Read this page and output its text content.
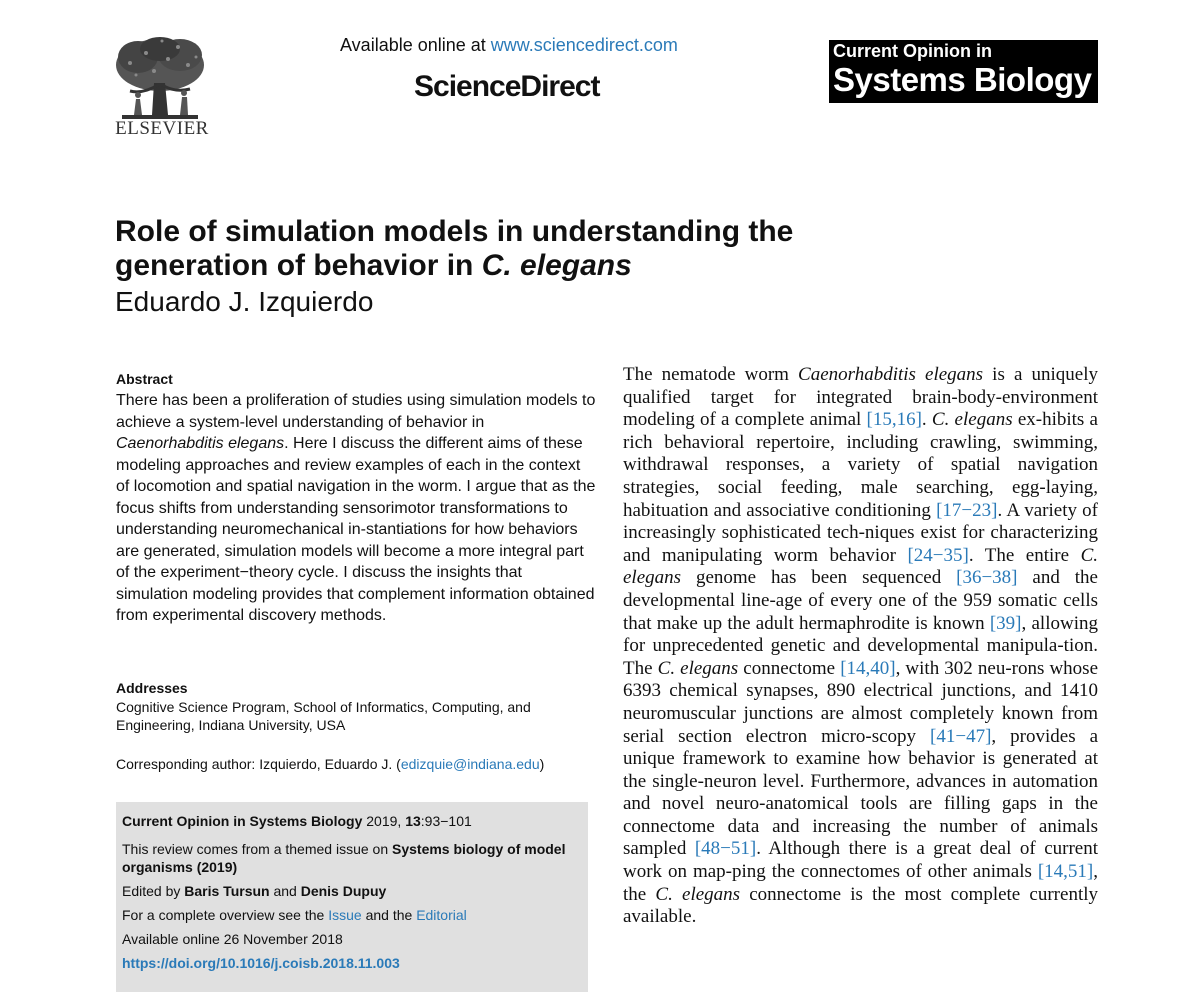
ELSEVIER
Available online at www.sciencedirect.com
ScienceDirect
Current Opinion in
Systems Biology
Role of simulation models in understanding the
generation of behavior in C. elegans
Eduardo J. Izquierdo
Abstract
There has been a proliferation of studies using simulation models to achieve a system-level understanding of behavior in Caenorhabditis elegans. Here I discuss the different aims of these modeling approaches and review examples of each in the context of locomotion and spatial navigation in the worm. I argue that as the focus shifts from understanding sensorimotor transformations to understanding neuromechanical in-stantiations for how behaviors are generated, simulation models will become a more integral part of the experiment−theory cycle. I discuss the insights that simulation modeling provides that complement information obtained from experimental discovery methods.
Addresses
Cognitive Science Program, School of Informatics, Computing, and Engineering, Indiana University, USA
Corresponding author: Izquierdo, Eduardo J. (edizquie@indiana.edu)
Current Opinion in Systems Biology 2019, 13:93−101
This review comes from a themed issue on Systems biology of model organisms (2019)
Edited by Baris Tursun and Denis Dupuy
For a complete overview see the Issue and the Editorial
Available online 26 November 2018
https://doi.org/10.1016/j.coisb.2018.11.003

The nematode worm Caenorhabditis elegans is a uniquely qualified target for integrated brain-body-environment modeling of a complete animal [15,16]. C. elegans ex-hibits a rich behavioral repertoire, including crawling, swimming, withdrawal responses, a variety of spatial navigation strategies, social feeding, male searching, egg-laying, habituation and associative conditioning [17−23]. A variety of increasingly sophisticated tech-niques exist for characterizing and manipulating worm behavior [24−35]. The entire C. elegans genome has been sequenced [36−38] and the developmental line-age of every one of the 959 somatic cells that make up the adult hermaphrodite is known [39], allowing for unprecedented genetic and developmental manipula-tion. The C. elegans connectome [14,40], with 302 neu-rons whose 6393 chemical synapses, 890 electrical junctions, and 1410 neuromuscular junctions are almost completely known from serial section electron micro-scopy [41−47], provides a unique framework to examine how behavior is generated at the single-neuron level. Furthermore, advances in automation and novel neuro-anatomical tools are filling gaps in the connectome data and increasing the number of animals sampled [48−51]. Although there is a great deal of current work on map-ping the connectomes of other animals [14,51], the C. elegans connectome is the most complete currently available.
